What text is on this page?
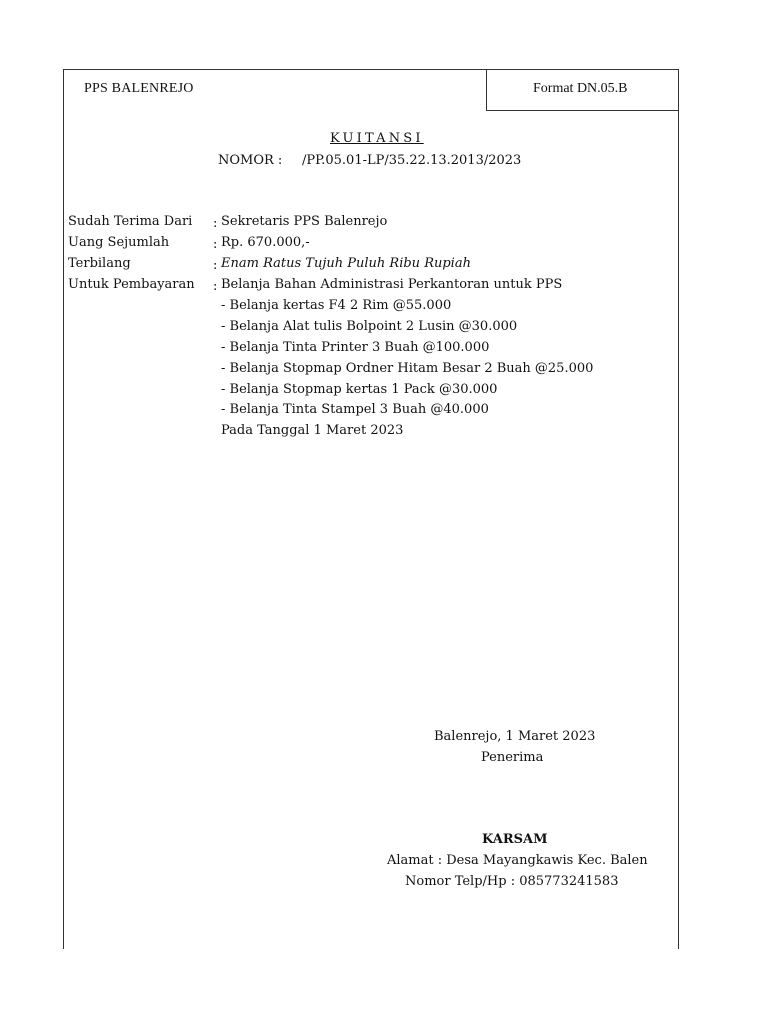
PPS BALENREJO	Format DN.05.B
KUITANSI
NOMOR : /PP.05.01-LP/35.22.13.2013/2023
Sudah Terima Dari : Sekretaris PPS Balenrejo
Uang Sejumlah	: Rp. 670.000,-
Terbilang	: Enam Ratus Tujuh Puluh Ribu Rupiah
Untuk Pembayaran : Belanja Bahan Administrasi Perkantoran untuk PPS
- Belanja kertas F4 2 Rim @55.000
- Belanja Alat tulis Bolpoint 2 Lusin @30.000
- Belanja Tinta Printer 3 Buah @100.000
- Belanja Stopmap Ordner Hitam Besar 2 Buah @25.000
- Belanja Stopmap kertas 1 Pack @30.000
- Belanja Tinta Stampel 3 Buah @40.000
Pada Tanggal 1 Maret 2023
Balenrejo, 1 Maret 2023
Penerima
KARSAM
Alamat : Desa Mayangkawis Kec. Balen
Nomor Telp/Hp : 085773241583
